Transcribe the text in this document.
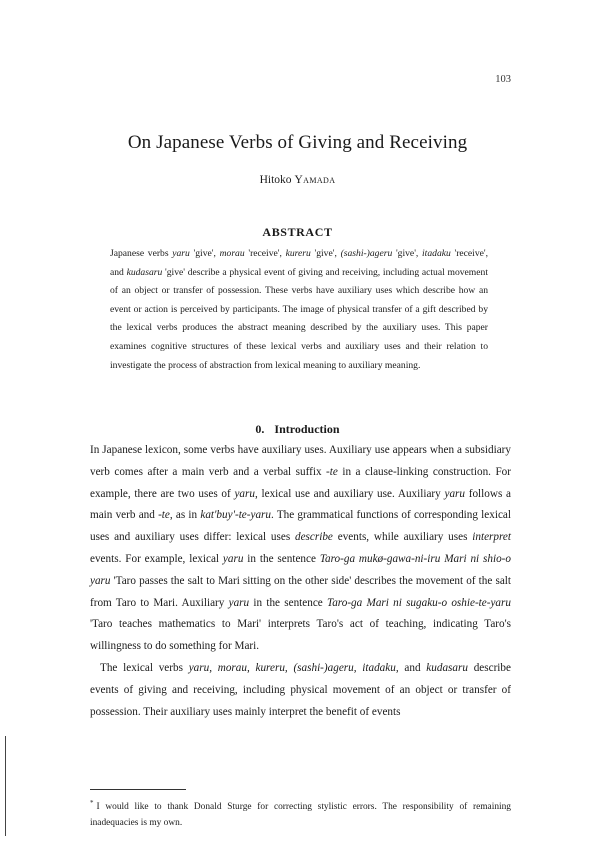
103
On Japanese Verbs of Giving and Receiving

Hitoko Yamada

ABSTRACT

Japanese verbs yaru 'give', morau 'receive', kureru 'give', (sashi-)ageru 'give', itadaku 'receive', and kudasaru 'give' describe a physical event of giving and receiving, including actual movement of an object or transfer of possession. These verbs have auxiliary uses which describe how an event or action is perceived by participants. The image of physical transfer of a gift described by the lexical verbs produces the abstract meaning described by the auxiliary uses. This paper examines cognitive structures of these lexical verbs and auxiliary uses and their relation to investigate the process of abstraction from lexical meaning to auxiliary meaning.

0. Introduction

In Japanese lexicon, some verbs have auxiliary uses. Auxiliary use appears when a subsidiary verb comes after a main verb and a verbal suffix -te in a clause-linking construction. For example, there are two uses of yaru, lexical use and auxiliary use. Auxiliary yaru follows a main verb and -te, as in kat'buy'-te-yaru. The grammatical functions of corresponding lexical uses and auxiliary uses differ: lexical uses describe events, while auxiliary uses interpret events. For example, lexical yaru in the sentence Taro-ga mukø-gawa-ni-iru Mari ni shio-o yaru 'Taro passes the salt to Mari sitting on the other side' describes the movement of the salt from Taro to Mari. Auxiliary yaru in the sentence Taro-ga Mari ni sugaku-o oshie-te-yaru 'Taro teaches mathematics to Mari' interprets Taro's act of teaching, indicating Taro's willingness to do something for Mari.

The lexical verbs yaru, morau, kureru, (sashi-)ageru, itadaku, and kudasaru describe events of giving and receiving, including physical movement of an object or transfer of possession. Their auxiliary uses mainly interpret the benefit of events

* I would like to thank Donald Sturge for correcting stylistic errors. The responsibility of remaining inadequacies is my own.
